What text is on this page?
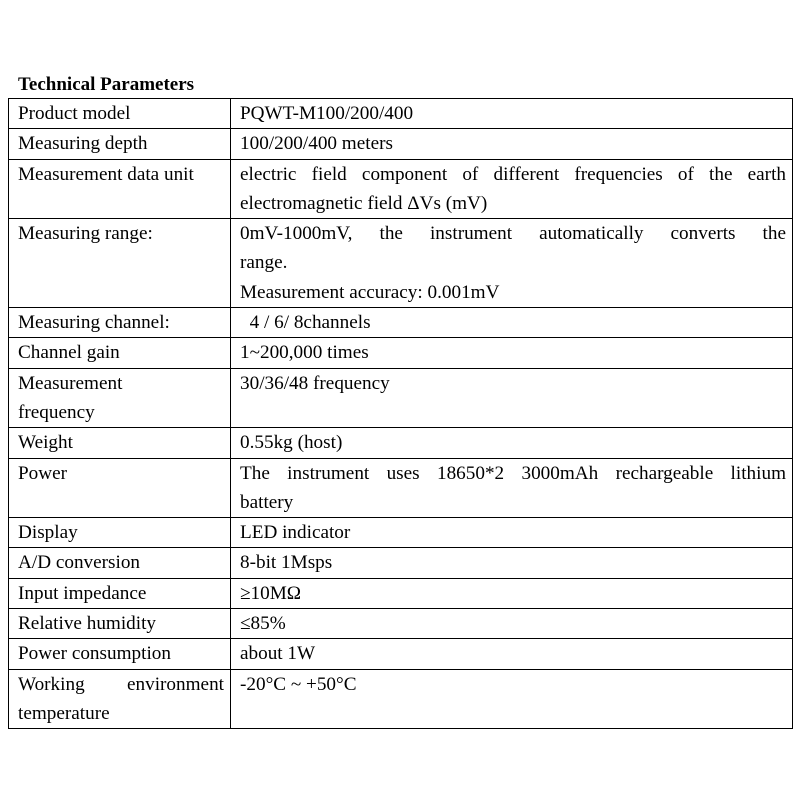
Technical Parameters
Product model	PQWT-M100/200/400

Measuring depth	100/200/400 meters

Measurement data unit	electric field component of different frequencies of the earth
electromagnetic field ΔVs (mV)

Measuring range:	0mV-1000mV, the instrument automatically converts the
range.
Measurement accuracy: 0.001mV

Measuring channel:	4 / 6/ 8channels

Channel gain	1~200,000 times

Measurement frequency	30/36/48 frequency

Weight	0.55kg (host)

Power	The instrument uses 18650*2 3000mAh rechargeable lithium
battery

Display	LED indicator

A/D conversion	8-bit 1Msps

Input impedance	≥10MΩ

Relative humidity	≤85%

Power consumption	about 1W

Working environment temperature	-20°C ~ +50°C
